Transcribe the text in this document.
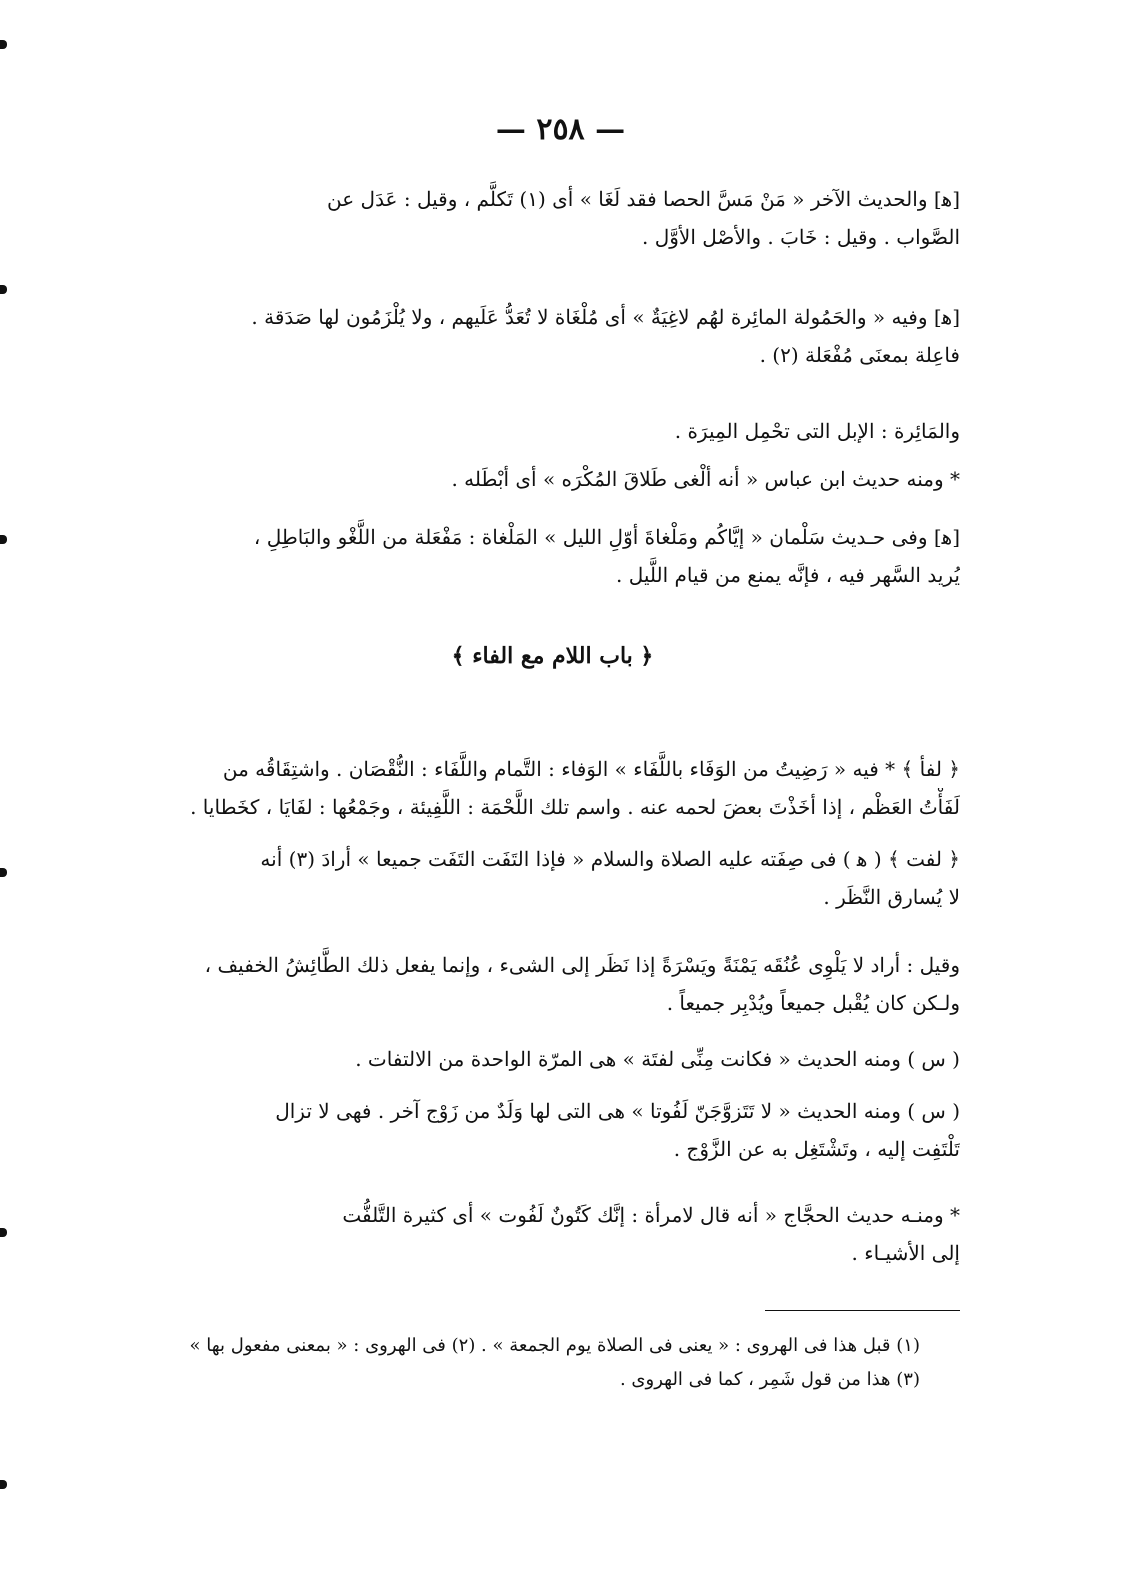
— ٢٥٨ —
[ﻫ] والحديث الآخر « مَنْ مَسَّ الحصا فقد لَغَا » أى (١) تَكلَّم ، وقيل : عَدَل عن
الصَّواب . وقيل : خَابَ . والأصْل الأوَّل .
[ﻫ] وفيه « والحَمُولة المائِرة لهُم لاغِيَةٌ » أى مُلْغَاة لا تُعَدُّ عَلَيهم ، ولا يُلْزَمُون لها صَدَقة .
فاعِلة بمعنَى مُفْعَلة (٢) .
والمَائِرة : الإبل التى تحْمِل المِيرَة .
* ومنه حديث ابن عباس « أنه ألْغى طَلاقَ المُكْرَه » أى أبْطَله .
[ﻫ] وفى حـديث سَلْمان « إيَّاكُم ومَلْغاةَ أوّلِ الليل » المَلْغاة : مَفْعَلة من اللَّغْو والبَاطِلِ ،
يُريد السَّهر فيه ، فإنَّه يمنع من قيام اللَّيل .
﴿ لفأ ﴾ * فيه « رَضِيتُ من الوَفَاء باللَّفَاء » الوَفاء : التَّمام واللَّفَاء : النُّقْصَان . واشتِقَاقُه من
لَفَأْتُ العَظْم ، إذا أخَذْتَ بعضَ لحمه عنه . واسم تلك اللَّحْمَة : اللَّفِيئة ، وجَمْعُها : لفَايَا ، كخَطايا .
﴿ لفت ﴾ ( ﻫ ) فى صِفَته عليه الصلاة والسلام « فإذا التَفَت التَفَت جميعا » أرادَ (٣) أنه
لا يُسارق النَّظَر .
وقيل : أراد لا يَلْوِى عُنُقَه يَمْنَةً ويَسْرَةً إذا نَظَر إلى الشىء ، وإنما يفعل ذلك الطَّائِشُ الخفيف ،
ولـكن كان يُقْبل جميعاً ويُدْبِر جميعاً .
( س ) ومنه الحديث « فكانت مِنِّى لفتَة » هى المرّة الواحدة من الالتفات .
( س ) ومنه الحديث « لا تَتَزوَّجَنّ لَفُوتا » هى التى لها وَلَدٌ من زَوْج آخر . فهى لا تزال
تَلْتَفِت إليه ، وتَشْتَغِل به عن الزَّوْج .
* ومنـه حديث الحجَّاج « أنه قال لامرأة : إنَّك كَتُونٌ لَفُوت » أى كثيرة التَّلفُّت
إلى الأشيـاء .
﴿ باب اللام مع الفاء ﴾
(١) قبل هذا فى الهروى : « يعنى فى الصلاة يوم الجمعة » . (٢) فى الهروى : « بمعنى مفعول بها »
(٣) هذا من قول شَمِر ، كما فى الهروى .
